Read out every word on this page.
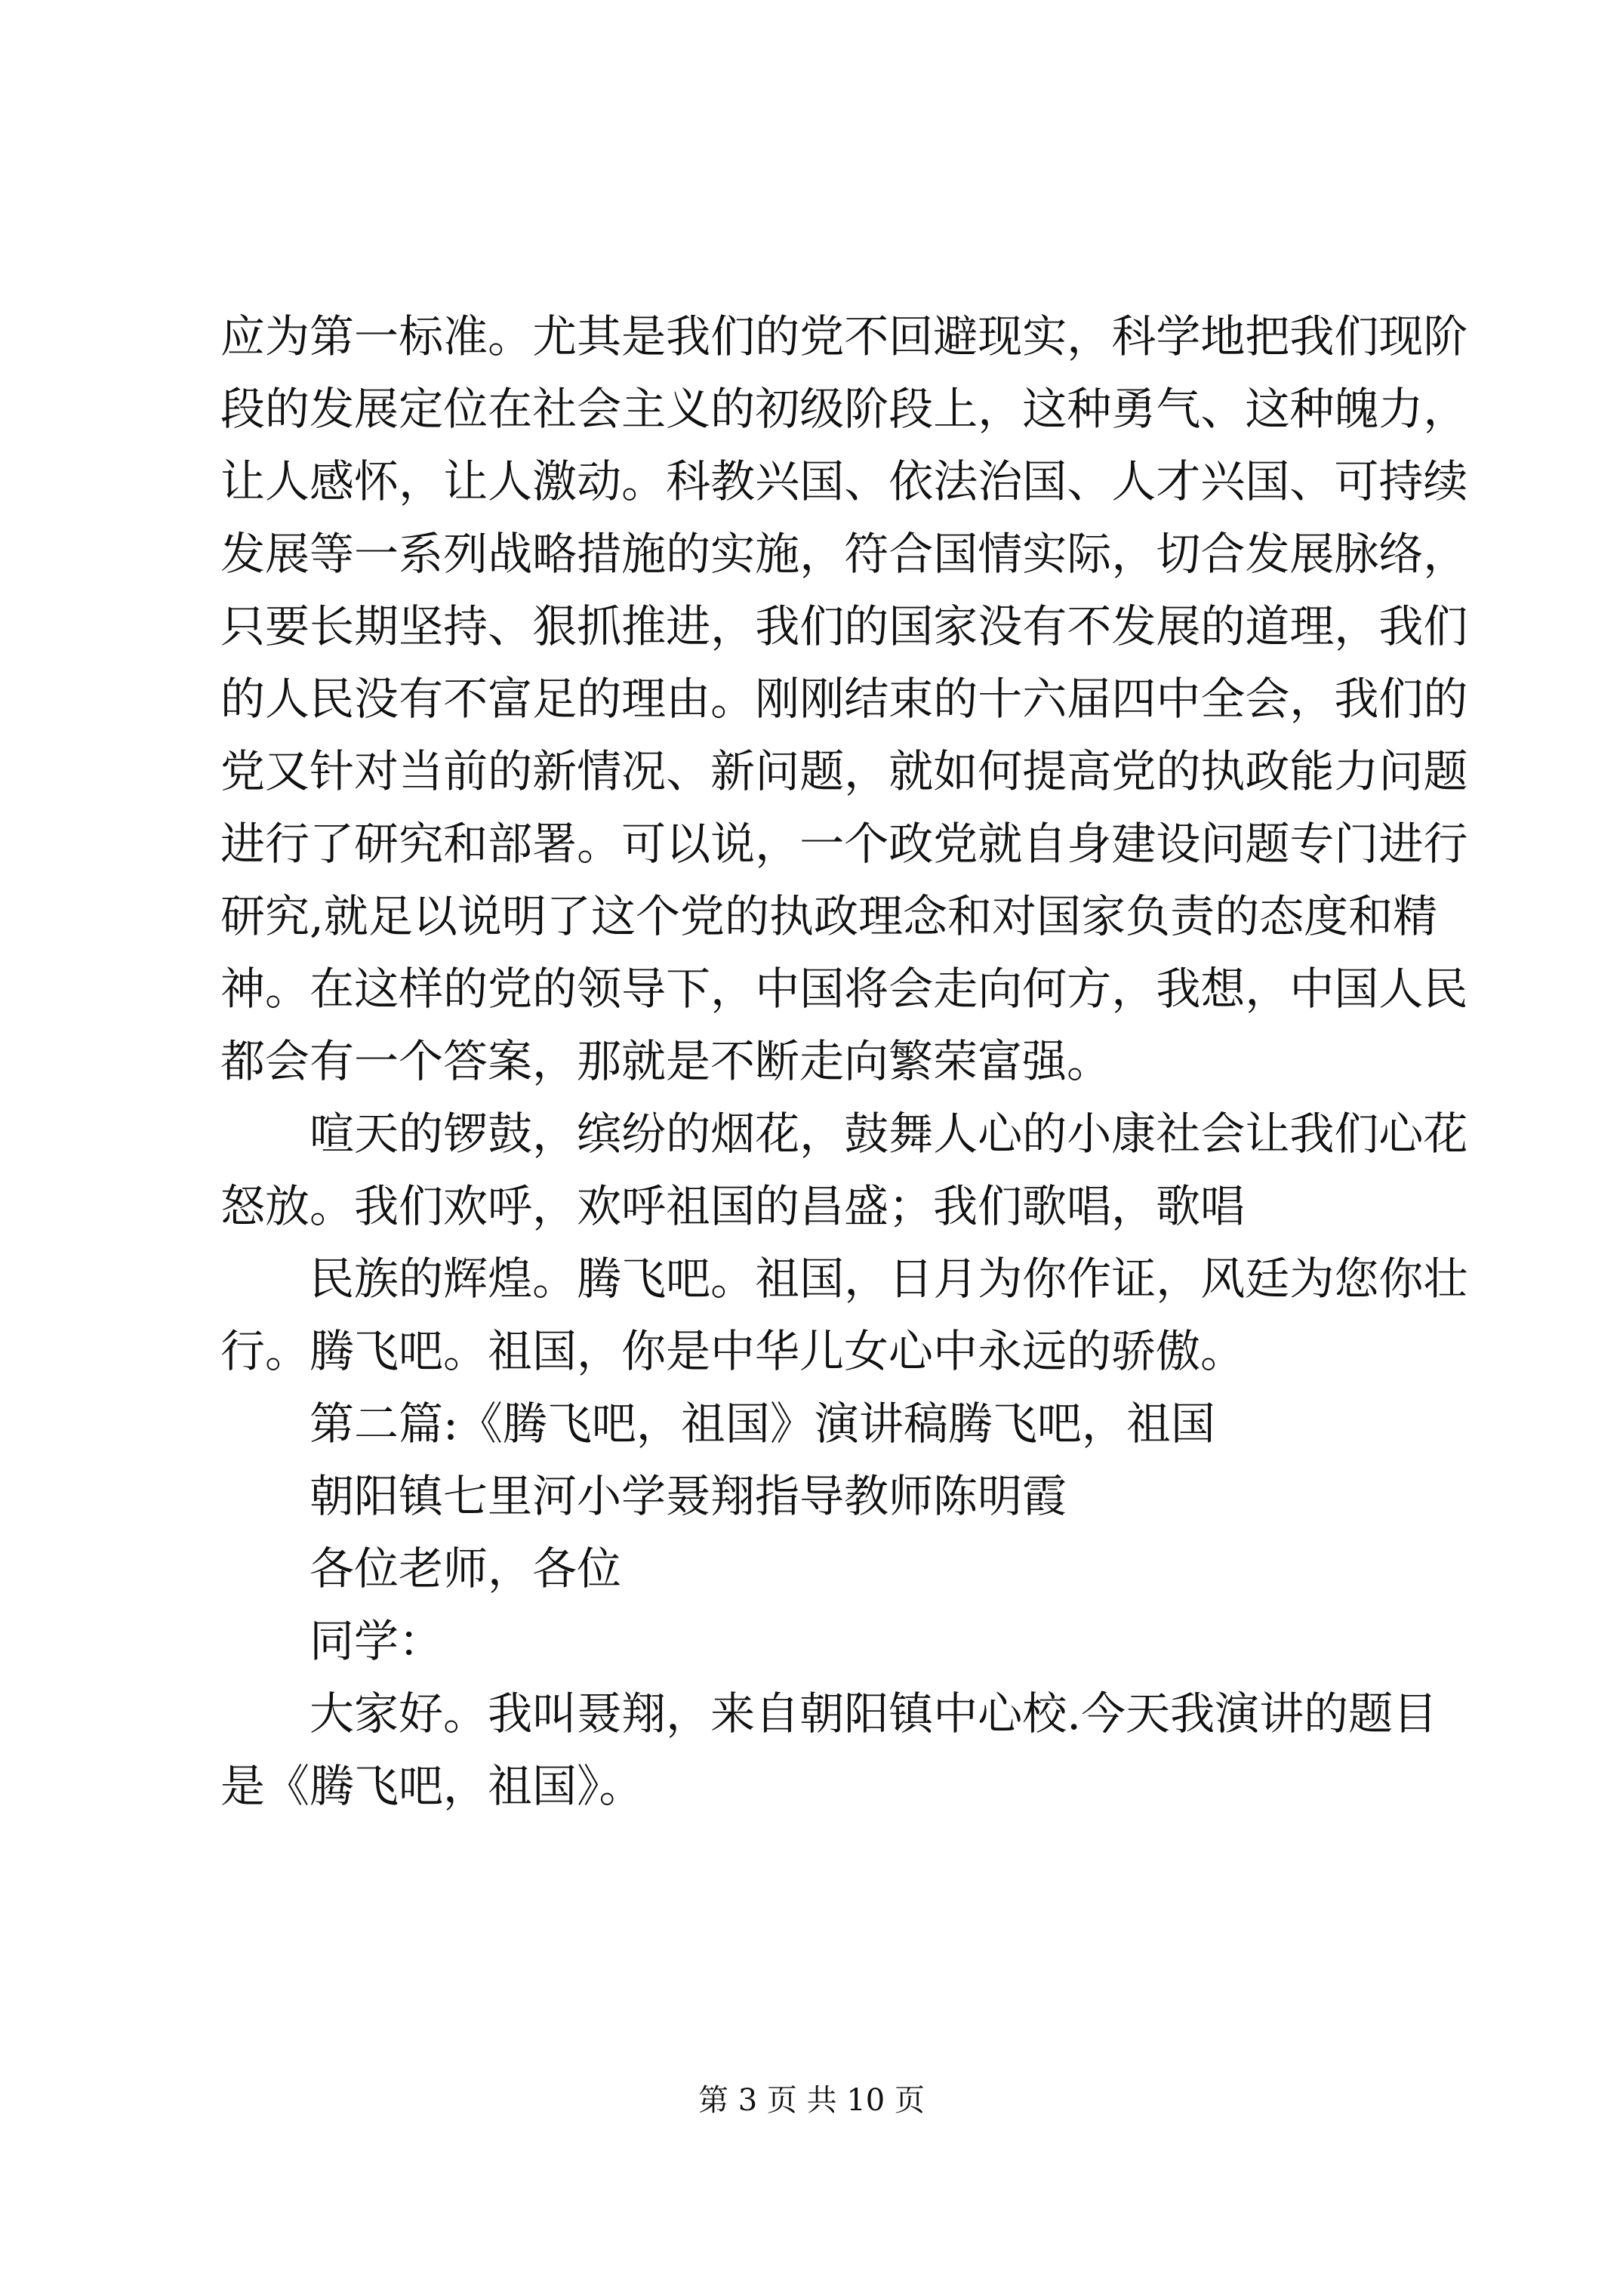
应 为 第 一 标 准 。 尤 其 是 我 们 的 党 不 回 避 现 实 ， 科 学 地 把 我 们 现 阶
段 的 发 展 定 位 在 社 会 主 义 的 初 级 阶 段 上 ， 这 种 勇 气 、 这 种 魄 力 ，
让 人 感 怀 ， 让 人 激 动 。 科 教 兴 国 、 依 法 治 国 、 人 才 兴 国 、 可 持 续
发 展 等 一 系 列 战 略 措 施 的 实 施 ， 符 合 国 情 实 际 ， 切 合 发 展 脉 络 ，
只 要 长 期 坚 持 、 狠 抓 推 进 ， 我 们 的 国 家 没 有 不 发 展 的 道 理 ， 我 们
的 人 民 没 有 不 富 足 的 理 由 。 刚 刚 结 束 的 十 六 届 四 中 全 会 ， 我 们 的
党 又 针 对 当 前 的 新 情 况 、 新 问 题 ， 就 如 何 提 高 党 的 执 政 能 力 问 题
进 行 了 研 究 和 部 署 。 可 以 说 ， 一 个 政 党 就 自 身 建 设 问 题 专 门 进 行
研 究 , 就 足 以 说 明 了 这 个 党 的 执 政 理 念 和 对 国 家 负 责 的 态 度 和 精
神 。 在 这 样 的 党 的 领 导 下 ， 中 国 将 会 走 向 何 方 ， 我 想 ， 中 国 人 民
都会有一个答案，那就是不断走向繁荣富强。
喧 天 的 锣 鼓 ， 缤 纷 的 烟 花 ， 鼓 舞 人 心 的 小 康 社 会 让 我 们 心 花
怒放。我们欢呼，欢呼祖国的昌盛；我们歌唱，歌唱
民 族 的 辉 煌 。 腾 飞 吧 。 祖 国 ， 日 月 为 你 作 证 ， 风 廷 为 您 你 壮
行。腾飞吧。祖国，你是中华儿女心中永远的骄傲。
第二篇:《腾飞吧，祖国》演讲稿腾飞吧，祖国
朝阳镇七里河小学聂翔指导教师陈明霞
各位老师，各位
同学：
大 家 好 。 我 叫 聂 翔 ， 来 自 朝 阳 镇 中 心 校 . 今 天 我 演 讲 的 题 目
是《腾飞吧，祖国》。
第 3 页 共 10 页
